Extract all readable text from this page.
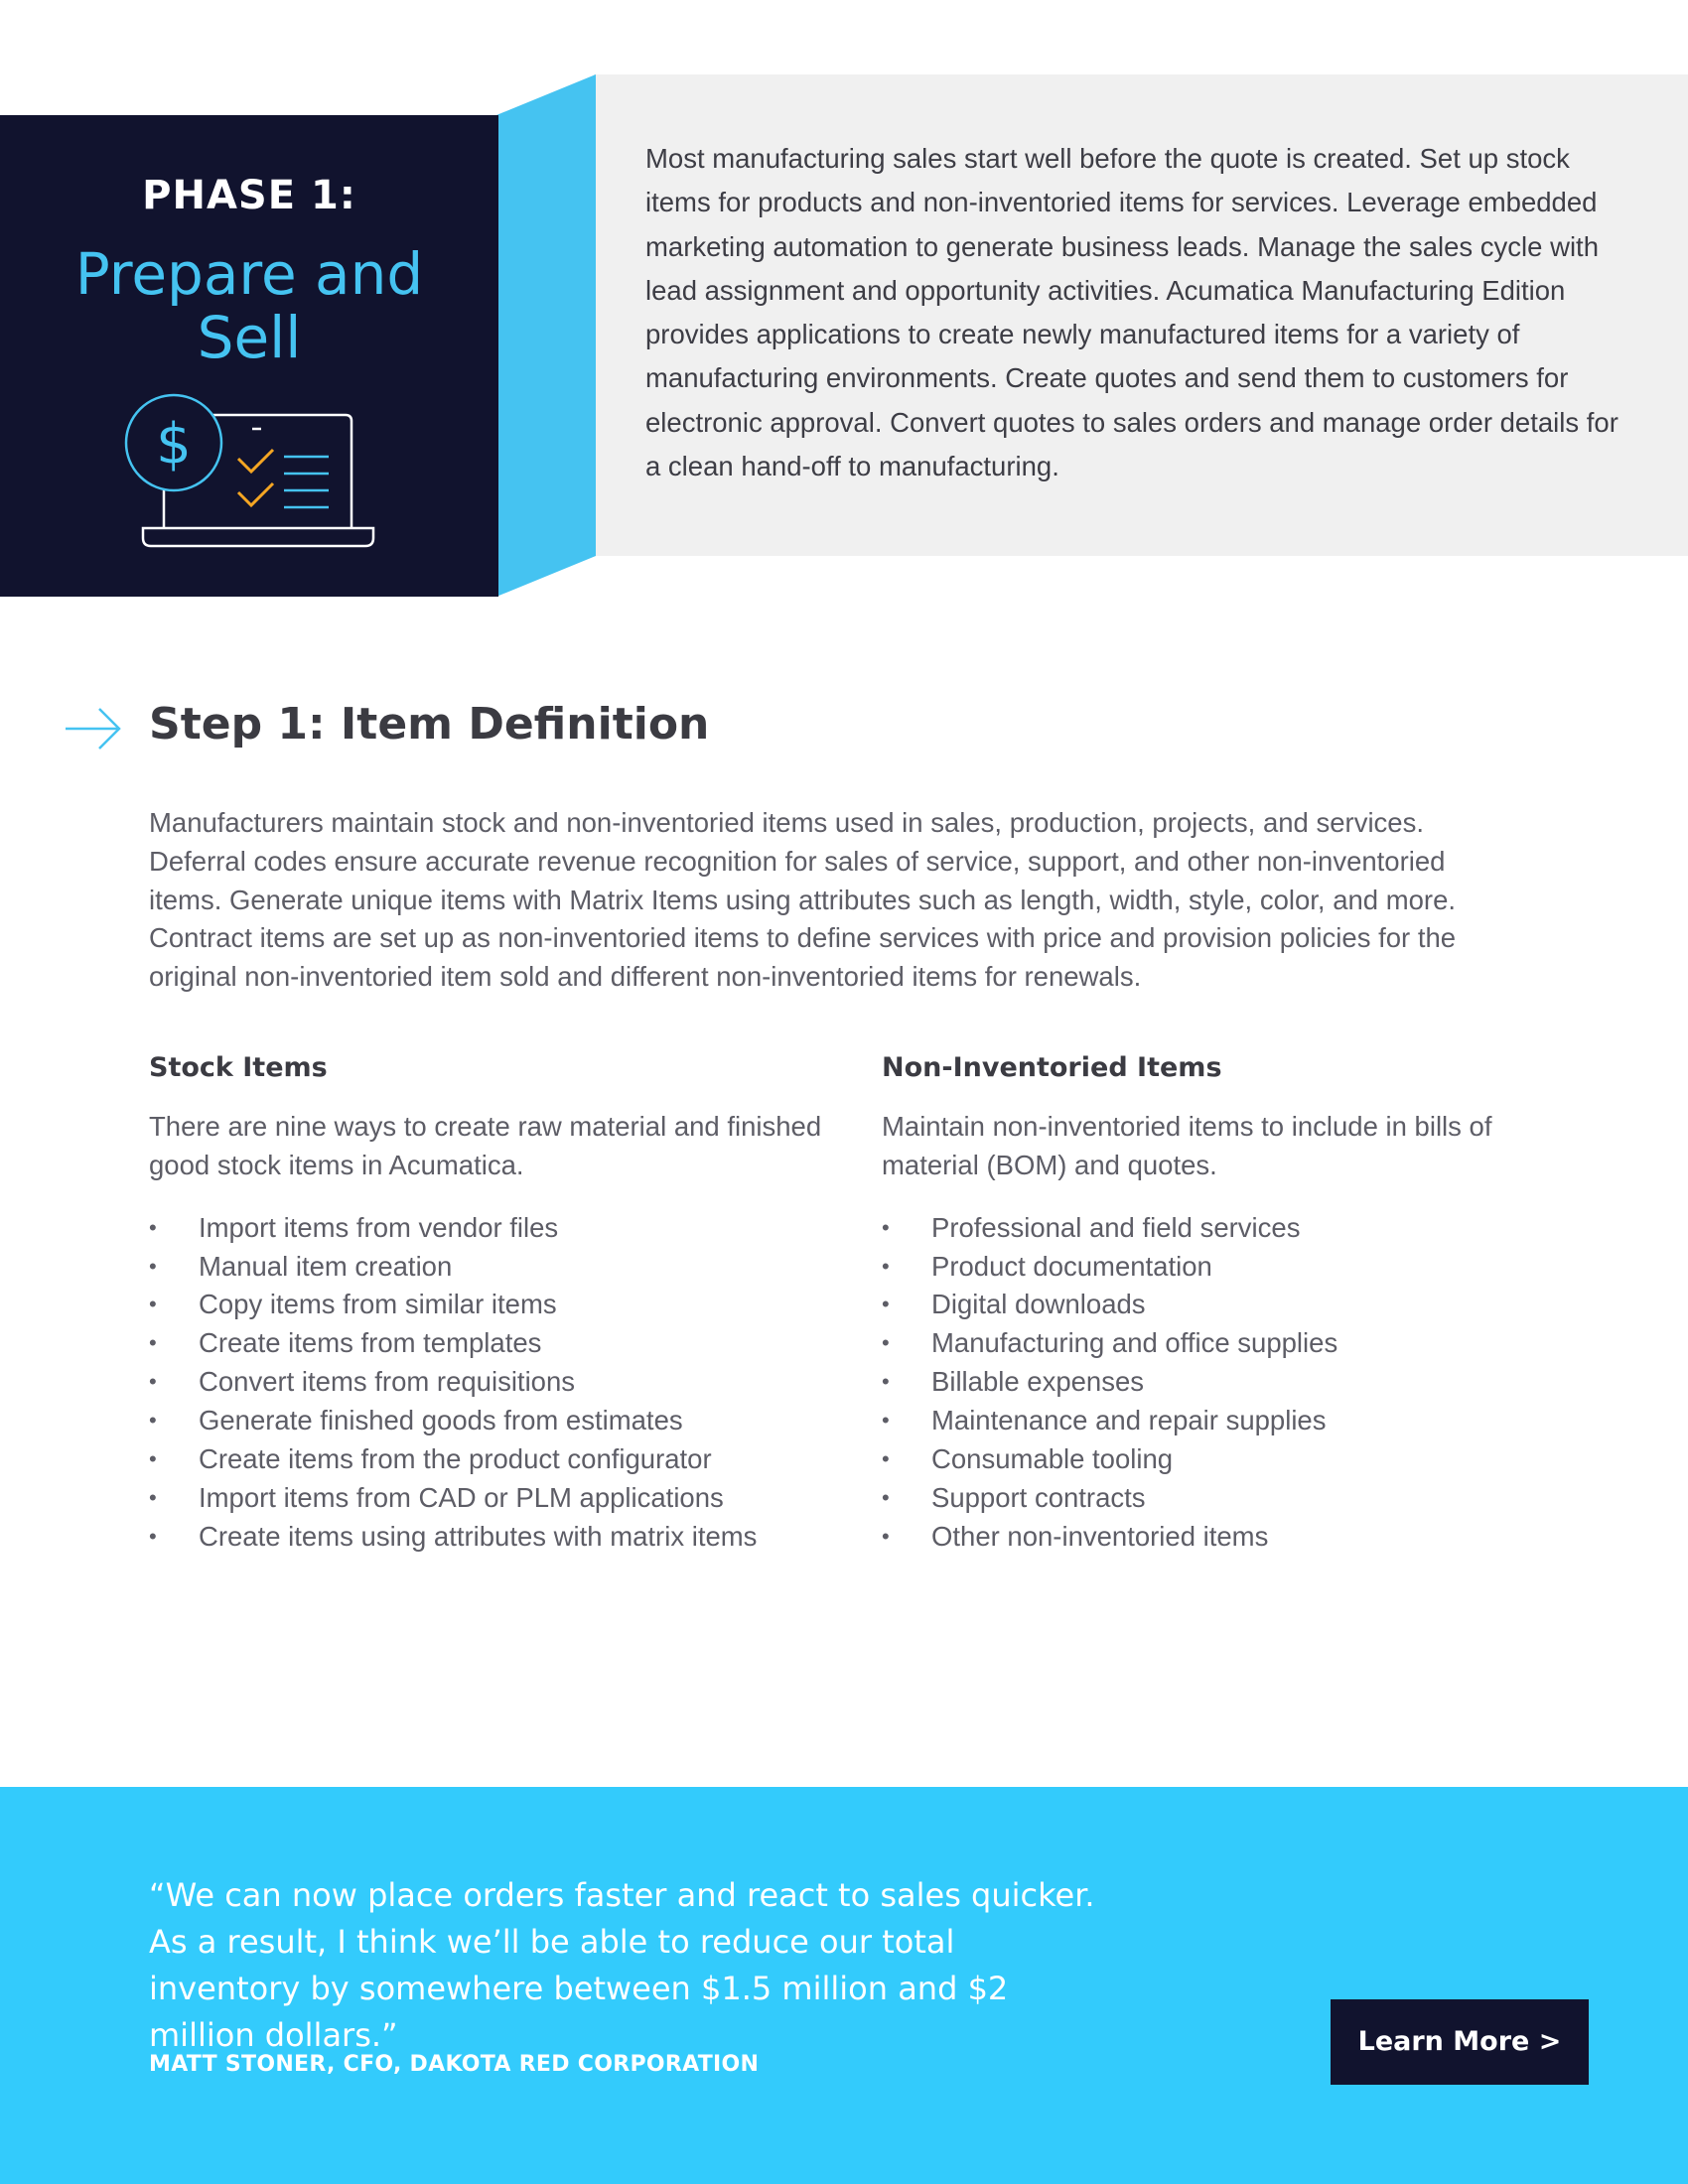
Most manufacturing sales start well before the quote is created. Set up stock items for products and non-inventoried items for services. Leverage embedded marketing automation to generate business leads. Manage the sales cycle with lead assignment and opportunity activities. Acumatica Manufacturing Edition provides applications to create newly manufactured items for a variety of manufacturing environments. Create quotes and send them to customers for electronic approval. Convert quotes to sales orders and manage order details for a clean hand-off to manufacturing.

PHASE 1:
Prepare and
Sell
$
Step 1: Item Definition

Manufacturers maintain stock and non-inventoried items used in sales, production, projects, and services. Deferral codes ensure accurate revenue recognition for sales of service, support, and other non-inventoried items. Generate unique items with Matrix Items using attributes such as length, width, style, color, and more. Contract items are set up as non-inventoried items to define services with price and provision policies for the original non-inventoried item sold and different non-inventoried items for renewals.

Stock Items

There are nine ways to create raw material and finished good stock items in Acumatica.

• Import items from vendor files
• Manual item creation
• Copy items from similar items
• Create items from templates
• Convert items from requisitions
• Generate finished goods from estimates
• Create items from the product configurator
• Import items from CAD or PLM applications
• Create items using attributes with matrix items
Non-Inventoried Items

Maintain non-inventoried items to include in bills of material (BOM) and quotes.

• Professional and field services
• Product documentation
• Digital downloads
• Manufacturing and office supplies
• Billable expenses
• Maintenance and repair supplies
• Consumable tooling
• Support contracts
• Other non-inventoried items

“We can now place orders faster and react to sales quicker. As a result, I think we’ll be able to reduce our total inventory by somewhere between $1.5 million and $2 million dollars.”

MATT STONER, CFO, DAKOTA RED CORPORATION
Learn More >
